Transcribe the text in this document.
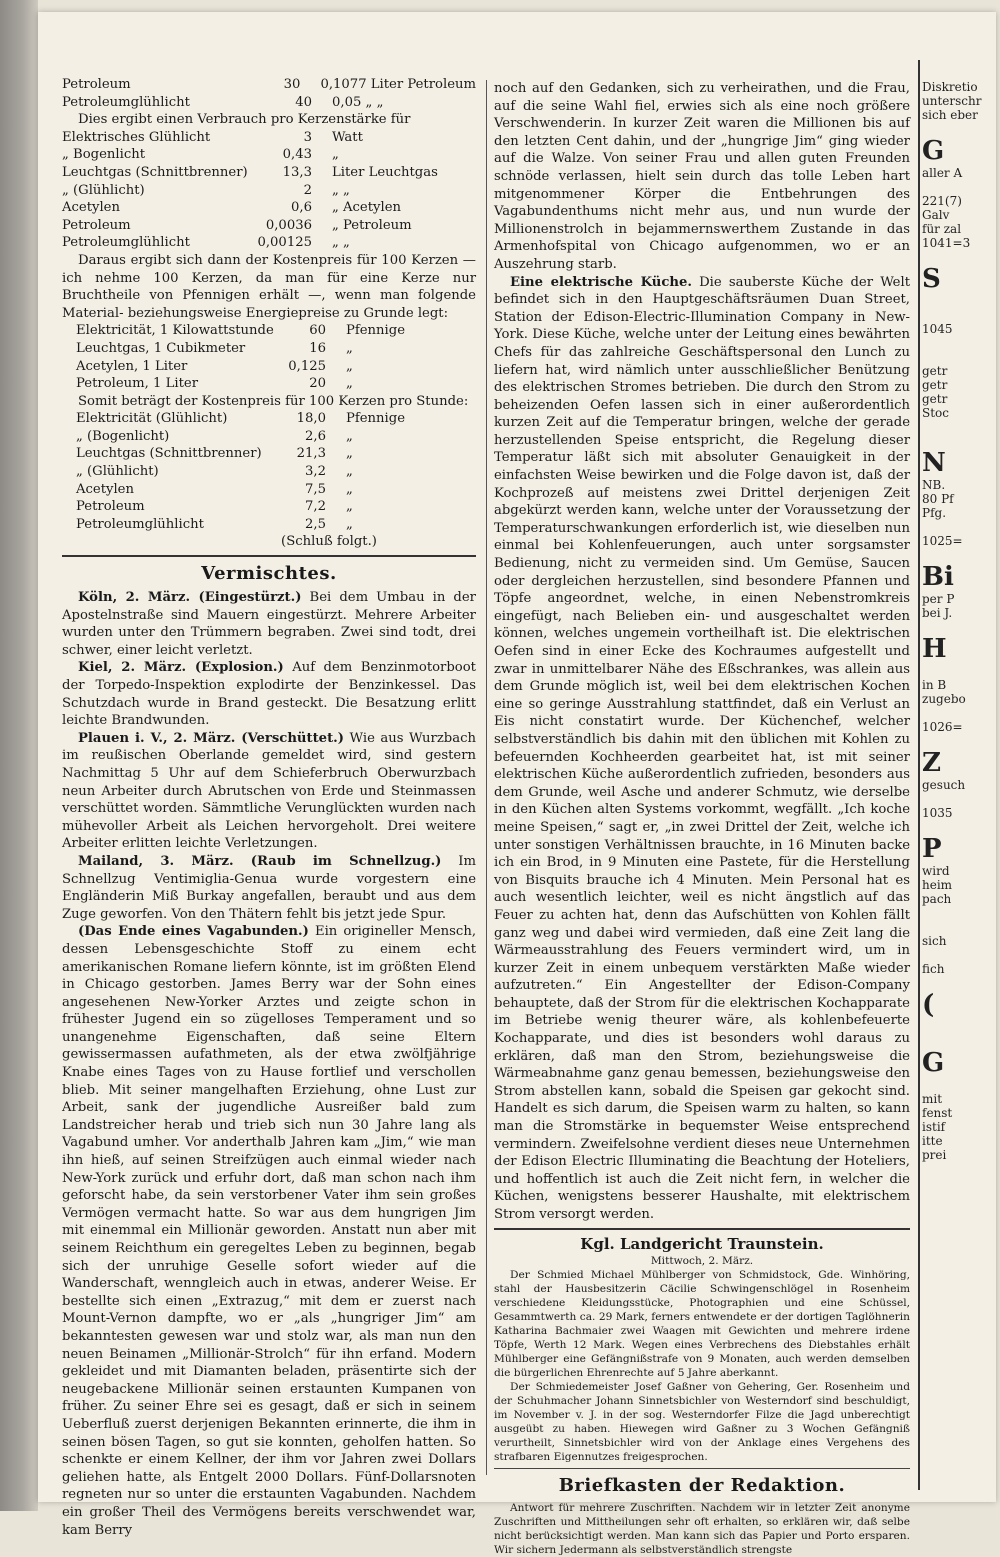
Petroleum	30	0,1077 Liter Petroleum
Petroleumglühlicht	40	0,05 „ „

Dies ergibt einen Verbrauch pro Kerzenstärke für

Elektrisches Glühlicht	3	Watt
„ Bogenlicht	0,43	„
Leuchtgas (Schnittbrenner)	13,3	Liter Leuchtgas
„ (Glühlicht)	2	„ „
Acetylen	0,6	„ Acetylen
Petroleum	0,0036	„ Petroleum
Petroleumglühlicht	0,00125	„ „

Daraus ergibt sich dann der Kostenpreis für 100 Kerzen — ich nehme 100 Kerzen, da man für eine Kerze nur Bruchtheile von Pfennigen erhält —, wenn man folgende Material- beziehungsweise Energiepreise zu Grunde legt:

Elektricität, 1 Kilowattstunde	60	Pfennige
Leuchtgas, 1 Cubikmeter	16	„
Acetylen, 1 Liter	0,125	„
Petroleum, 1 Liter	20	„

Somit beträgt der Kostenpreis für 100 Kerzen pro Stunde:

Elektricität (Glühlicht)	18,0	Pfennige
„ (Bogenlicht)	2,6	„
Leuchtgas (Schnittbrenner)	21,3	„
„ (Glühlicht)	3,2	„
Acetylen	7,5	„
Petroleum	7,2	„
Petroleumglühlicht	2,5	„
(Schluß folgt.)
Vermischtes.

Köln, 2. März. (Eingestürzt.) Bei dem Umbau in der Apostelnstraße sind Mauern eingestürzt. Mehrere Arbeiter wurden unter den Trümmern begraben. Zwei sind todt, drei schwer, einer leicht verletzt.

Kiel, 2. März. (Explosion.) Auf dem Benzinmotorboot der Torpedo-Inspektion explodirte der Benzinkessel. Das Schutzdach wurde in Brand gesteckt. Die Besatzung erlitt leichte Brandwunden.

Plauen i. V., 2. März. (Verschüttet.) Wie aus Wurzbach im reußischen Oberlande gemeldet wird, sind gestern Nachmittag 5 Uhr auf dem Schieferbruch Oberwurzbach neun Arbeiter durch Abrutschen von Erde und Steinmassen verschüttet worden. Sämmtliche Verunglückten wurden nach mühevoller Arbeit als Leichen hervorgeholt. Drei weitere Arbeiter erlitten leichte Verletzungen.

Mailand, 3. März. (Raub im Schnellzug.) Im Schnellzug Ventimiglia-Genua wurde vorgestern eine Engländerin Miß Burkay angefallen, beraubt und aus dem Zuge geworfen. Von den Thätern fehlt bis jetzt jede Spur.

(Das Ende eines Vagabunden.) Ein origineller Mensch, dessen Lebensgeschichte Stoff zu einem echt amerikanischen Romane liefern könnte, ist im größten Elend in Chicago gestorben. James Berry war der Sohn eines angesehenen New-Yorker Arztes und zeigte schon in frühester Jugend ein so zügelloses Temperament und so unangenehme Eigenschaften, daß seine Eltern gewissermassen aufathmeten, als der etwa zwölfjährige Knabe eines Tages von zu Hause fortlief und verschollen blieb. Mit seiner mangelhaften Erziehung, ohne Lust zur Arbeit, sank der jugendliche Ausreißer bald zum Landstreicher herab und trieb sich nun 30 Jahre lang als Vagabund umher. Vor anderthalb Jahren kam „Jim,“ wie man ihn hieß, auf seinen Streifzügen auch einmal wieder nach New-York zurück und erfuhr dort, daß man schon nach ihm geforscht habe, da sein verstorbener Vater ihm sein großes Vermögen vermacht hatte. So war aus dem hungrigen Jim mit einemmal ein Millionär geworden. Anstatt nun aber mit seinem Reichthum ein geregeltes Leben zu beginnen, begab sich der unruhige Geselle sofort wieder auf die Wanderschaft, wenngleich auch in etwas, anderer Weise. Er bestellte sich einen „Extrazug,“ mit dem er zuerst nach Mount-Vernon dampfte, wo er „als „hungriger Jim“ am bekanntesten gewesen war und stolz war, als man nun den neuen Beinamen „Millionär-Strolch“ für ihn erfand. Modern gekleidet und mit Diamanten beladen, präsentirte sich der neugebackene Millionär seinen erstaunten Kumpanen von früher. Zu seiner Ehre sei es gesagt, daß er sich in seinem Ueberfluß zuerst derjenigen Bekannten erinnerte, die ihm in seinen bösen Tagen, so gut sie konnten, geholfen hatten. So schenkte er einem Kellner, der ihm vor Jahren zwei Dollars geliehen hatte, als Entgelt 2000 Dollars. Fünf-Dollarsnoten regneten nur so unter die erstaunten Vagabunden. Nachdem ein großer Theil des Vermögens bereits verschwendet war, kam Berry

noch auf den Gedanken, sich zu verheirathen, und die Frau, auf die seine Wahl fiel, erwies sich als eine noch größere Verschwenderin. In kurzer Zeit waren die Millionen bis auf den letzten Cent dahin, und der „hungrige Jim“ ging wieder auf die Walze. Von seiner Frau und allen guten Freunden schnöde verlassen, hielt sein durch das tolle Leben hart mitgenommener Körper die Entbehrungen des Vagabundenthums nicht mehr aus, und nun wurde der Millionenstrolch in bejammernswerthem Zustande in das Armenhofspital von Chicago aufgenommen, wo er an Auszehrung starb.

Eine elektrische Küche. Die sauberste Küche der Welt befindet sich in den Hauptgeschäftsräumen Duan Street, Station der Edison-Electric-Illumination Company in New-York. Diese Küche, welche unter der Leitung eines bewährten Chefs für das zahlreiche Geschäftspersonal den Lunch zu liefern hat, wird nämlich unter ausschließlicher Benützung des elektrischen Stromes betrieben. Die durch den Strom zu beheizenden Oefen lassen sich in einer außerordentlich kurzen Zeit auf die Temperatur bringen, welche der gerade herzustellenden Speise entspricht, die Regelung dieser Temperatur läßt sich mit absoluter Genauigkeit in der einfachsten Weise bewirken und die Folge davon ist, daß der Kochprozeß auf meistens zwei Drittel derjenigen Zeit abgekürzt werden kann, welche unter der Voraussetzung der Temperaturschwankungen erforderlich ist, wie dieselben nun einmal bei Kohlenfeuerungen, auch unter sorgsamster Bedienung, nicht zu vermeiden sind. Um Gemüse, Saucen oder dergleichen herzustellen, sind besondere Pfannen und Töpfe angeordnet, welche, in einen Nebenstromkreis eingefügt, nach Belieben ein- und ausgeschaltet werden können, welches ungemein vortheilhaft ist. Die elektrischen Oefen sind in einer Ecke des Kochraumes aufgestellt und zwar in unmittelbarer Nähe des Eßschrankes, was allein aus dem Grunde möglich ist, weil bei dem elektrischen Kochen eine so geringe Ausstrahlung stattfindet, daß ein Verlust an Eis nicht constatirt wurde. Der Küchenchef, welcher selbstverständlich bis dahin mit den üblichen mit Kohlen zu befeuernden Kochheerden gearbeitet hat, ist mit seiner elektrischen Küche außerordentlich zufrieden, besonders aus dem Grunde, weil Asche und anderer Schmutz, wie derselbe in den Küchen alten Systems vorkommt, wegfällt. „Ich koche meine Speisen,“ sagt er, „in zwei Drittel der Zeit, welche ich unter sonstigen Verhältnissen brauchte, in 16 Minuten backe ich ein Brod, in 9 Minuten eine Pastete, für die Herstellung von Bisquits brauche ich 4 Minuten. Mein Personal hat es auch wesentlich leichter, weil es nicht ängstlich auf das Feuer zu achten hat, denn das Aufschütten von Kohlen fällt ganz weg und dabei wird vermieden, daß eine Zeit lang die Wärmeausstrahlung des Feuers vermindert wird, um in kurzer Zeit in einem unbequem verstärkten Maße wieder aufzutreten.“ Ein Angestellter der Edison-Company behauptete, daß der Strom für die elektrischen Kochapparate im Betriebe wenig theurer wäre, als kohlenbefeuerte Kochapparate, und dies ist besonders wohl daraus zu erklären, daß man den Strom, beziehungsweise die Wärmeabnahme ganz genau bemessen, beziehungsweise den Strom abstellen kann, sobald die Speisen gar gekocht sind. Handelt es sich darum, die Speisen warm zu halten, so kann man die Stromstärke in bequemster Weise entsprechend vermindern. Zweifelsohne verdient dieses neue Unternehmen der Edison Electric Illuminating die Beachtung der Hoteliers, und hoffentlich ist auch die Zeit nicht fern, in welcher die Küchen, wenigstens besserer Haushalte, mit elektrischem Strom versorgt werden.

Kgl. Landgericht Traunstein.
Mittwoch, 2. März.

Der Schmied Michael Mühlberger von Schmidstock, Gde. Winhöring, stahl der Hausbesitzerin Cäcilie Schwingenschlögel in Rosenheim verschiedene Kleidungsstücke, Photographien und eine Schüssel, Gesammtwerth ca. 29 Mark, ferners entwendete er der dortigen Taglöhnerin Katharina Bachmaier zwei Waagen mit Gewichten und mehrere irdene Töpfe, Werth 12 Mark. Wegen eines Verbrechens des Diebstahles erhält Mühlberger eine Gefängnißstrafe von 9 Monaten, auch werden demselben die bürgerlichen Ehrenrechte auf 5 Jahre aberkannt.

Der Schmiedemeister Josef Gaßner von Gehering, Ger. Rosenheim und der Schuhmacher Johann Sinnetsbichler von Westerndorf sind beschuldigt, im November v. J. in der sog. Westerndorfer Filze die Jagd unberechtigt ausgeübt zu haben. Hiewegen wird Gaßner zu 3 Wochen Gefängniß verurtheilt, Sinnetsbichler wird von der Anklage eines Vergehens des strafbaren Eigennutzes freigesprochen.

Briefkasten der Redaktion.

Antwort für mehrere Zuschriften. Nachdem wir in letzter Zeit anonyme Zuschriften und Mittheilungen sehr oft erhalten, so erklären wir, daß selbe nicht berücksichtigt werden. Man kann sich das Papier und Porto ersparen. Wir sichern Jedermann als selbstverständlich strengste

Diskretio
unterschr
sich eber

G
aller A

221(7)
Galv
für zal
1041=3

S

1045

getr
getr
getr
Stoc

N
NB.
80 Pf
Pfg.

1025=

Bi
per P
bei J.

H

in B
zugebo

1026=

Z
gesuch

1035

P
wird
heim
pach

sich

fich

(

G

mit
fenst
istif
itte
prei
